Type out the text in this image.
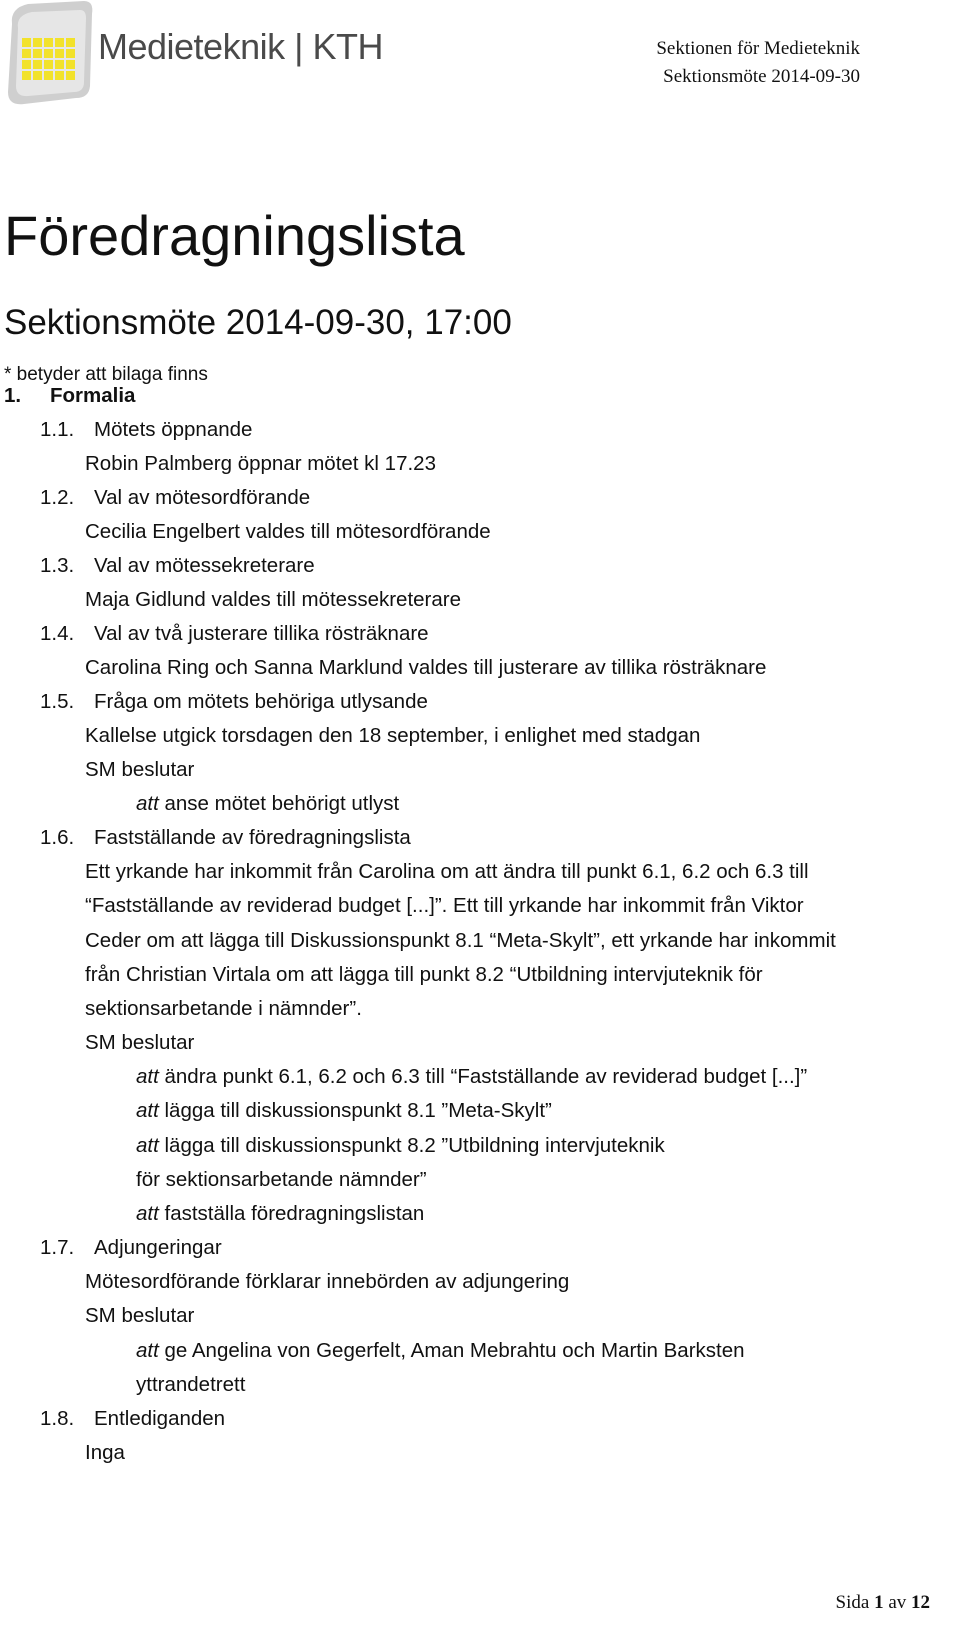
Medieteknik | KTH	Sektionen för Medieteknik
Sektionsmöte 2014-09-30
Föredragningslista
Sektionsmöte 2014-09-30, 17:00
* betyder att bilaga finns
1. Formalia
1.1. Mötets öppnande
Robin Palmberg öppnar mötet kl 17.23
1.2. Val av mötesordförande
Cecilia Engelbert valdes till mötesordförande
1.3. Val av mötessekreterare
Maja Gidlund valdes till mötessekreterare
1.4. Val av två justerare tillika rösträknare
Carolina Ring och Sanna Marklund valdes till justerare av tillika rösträknare
1.5. Fråga om mötets behöriga utlysande
Kallelse utgick torsdagen den 18 september, i enlighet med stadgan
SM beslutar
att anse mötet behörigt utlyst
1.6. Fastställande av föredragningslista
Ett yrkande har inkommit från Carolina om att ändra till punkt 6.1, 6.2 och 6.3 till
“Fastställande av reviderad budget [...]”. Ett till yrkande har inkommit från Viktor
Ceder om att lägga till Diskussionspunkt 8.1 “Meta-Skylt”, ett yrkande har inkommit
från Christian Virtala om att lägga till punkt 8.2 “Utbildning intervjuteknik för
sektionsarbetande i nämnder”.
SM beslutar
att ändra punkt 6.1, 6.2 och 6.3 till “Fastställande av reviderad budget [...]”
att lägga till diskussionspunkt 8.1 ”Meta-Skylt”
att lägga till diskussionspunkt 8.2 ”Utbildning intervjuteknik
för sektionsarbetande nämnder”
att fastställa föredragningslistan
1.7. Adjungeringar
Mötesordförande förklarar innebörden av adjungering
SM beslutar
att ge Angelina von Gegerfelt, Aman Mebrahtu och Martin Barksten
yttrandetrett
1.8. Entlediganden
Inga
Sida 1 av 12
